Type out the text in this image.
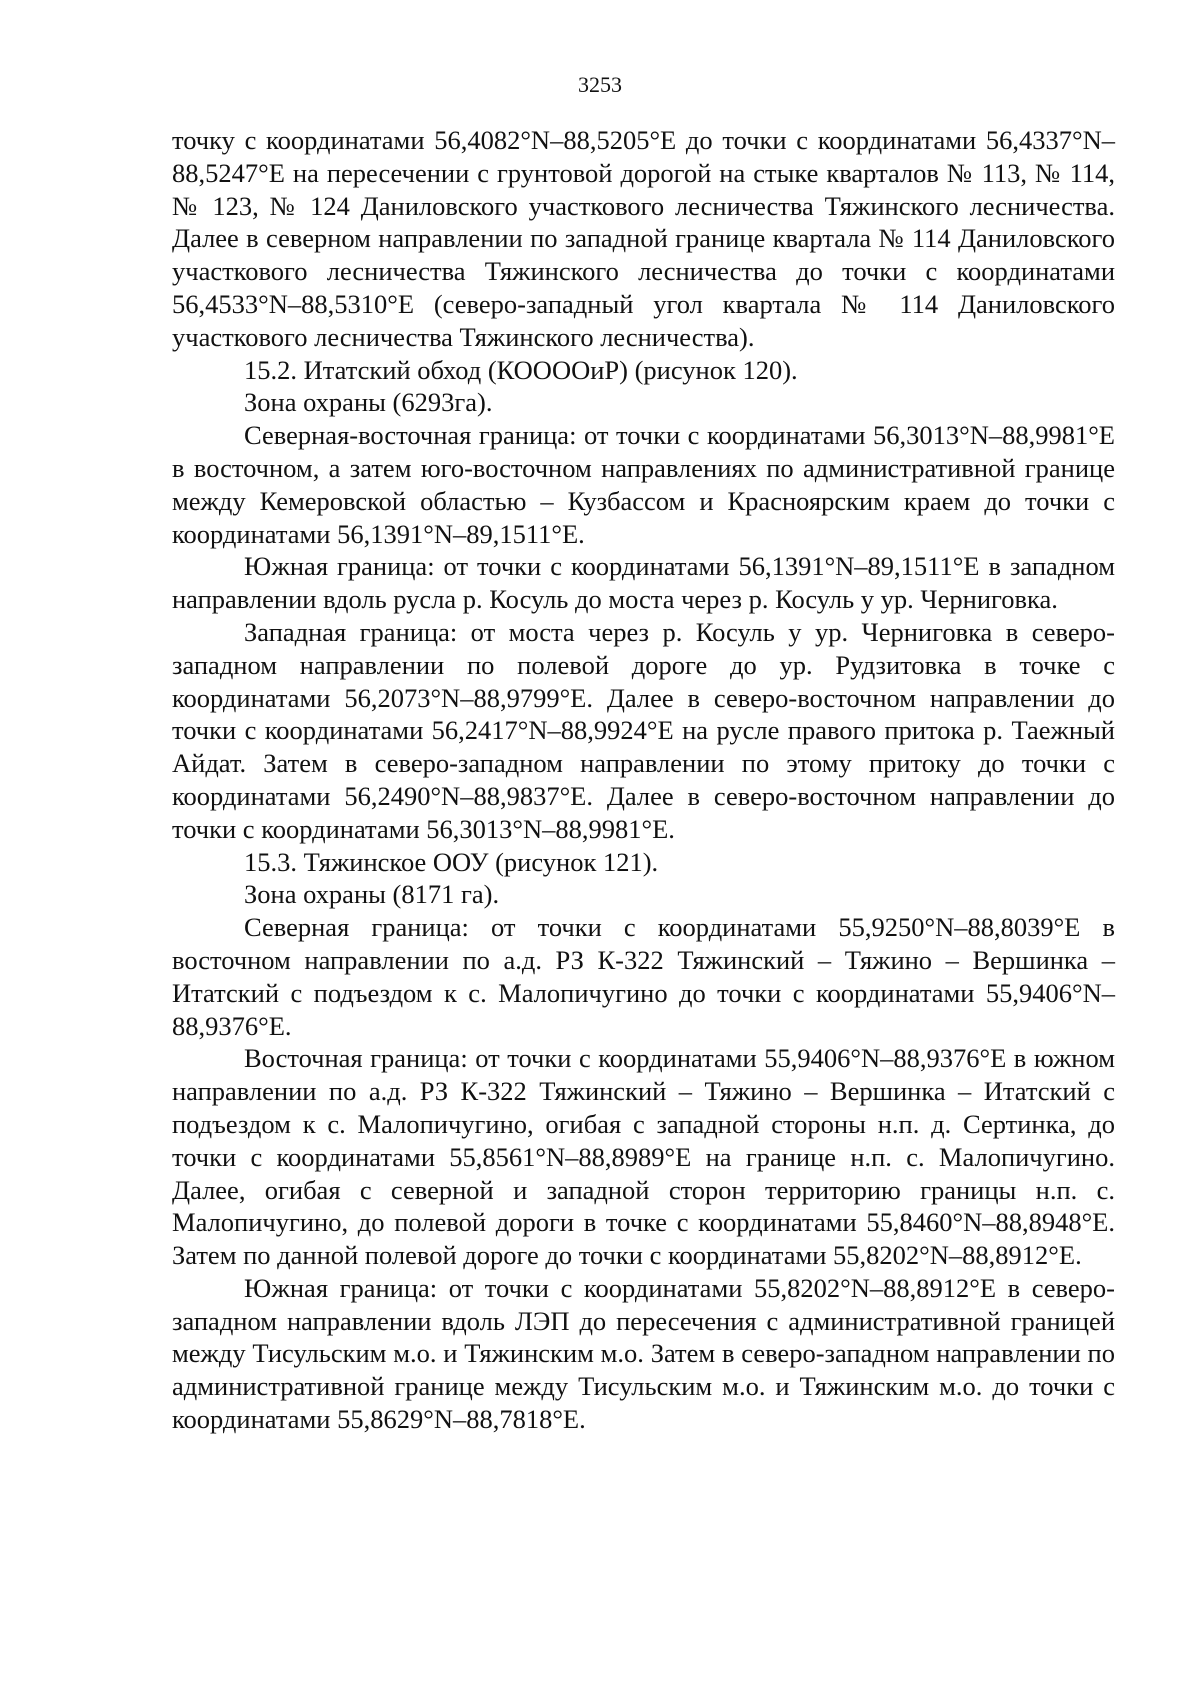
3253

точку с координатами 56,4082°N–88,5205°E до точки с координатами 56,4337°N–88,5247°E на пересечении с грунтовой дорогой на стыке кварталов № 113, № 114, № 123, № 124 Даниловского участкового лесничества Тяжинского лесничества. Далее в северном направлении по западной границе квартала № 114 Даниловского участкового лесничества Тяжинского лесничества до точки с координатами 56,4533°N–88,5310°E (северо-западный угол квартала № 114 Даниловского участкового лесничества Тяжинского лесничества).

15.2. Итатский обход (КООООиР) (рисунок 120).

Зона охраны (6293га).

Северная-восточная граница: от точки с координатами 56,3013°N–88,9981°E в восточном, а затем юго-восточном направлениях по административной границе между Кемеровской областью – Кузбассом и Красноярским краем до точки с координатами 56,1391°N–89,1511°E.

Южная граница: от точки с координатами 56,1391°N–89,1511°E в западном направлении вдоль русла р. Косуль до моста через р. Косуль у ур. Черниговка.

Западная граница: от моста через р. Косуль у ур. Черниговка в северо-западном направлении по полевой дороге до ур. Рудзитовка в точке с координатами 56,2073°N–88,9799°E. Далее в северо-восточном направлении до точки с координатами 56,2417°N–88,9924°E на русле правого притока р. Таежный Айдат. Затем в северо-западном направлении по этому притоку до точки с координатами 56,2490°N–88,9837°E. Далее в северо-восточном направлении до точки с координатами 56,3013°N–88,9981°E.

15.3. Тяжинское ООУ (рисунок 121).

Зона охраны (8171 га).

Северная граница: от точки с координатами 55,9250°N–88,8039°E в восточном направлении по а.д. РЗ К-322 Тяжинский – Тяжино – Вершинка – Итатский с подъездом к с. Малопичугино до точки с координатами 55,9406°N–88,9376°E.

Восточная граница: от точки с координатами 55,9406°N–88,9376°E в южном направлении по а.д. РЗ К-322 Тяжинский – Тяжино – Вершинка – Итатский с подъездом к с. Малопичугино, огибая с западной стороны н.п. д. Сертинка, до точки с координатами 55,8561°N–88,8989°E на границе н.п. с. Малопичугино. Далее, огибая с северной и западной сторон территорию границы н.п. с. Малопичугино, до полевой дороги в точке с координатами 55,8460°N–88,8948°E. Затем по данной полевой дороге до точки с координатами 55,8202°N–88,8912°E.

Южная граница: от точки с координатами 55,8202°N–88,8912°E в северо-западном направлении вдоль ЛЭП до пересечения с административной границей между Тисульским м.о. и Тяжинским м.о. Затем в северо-западном направлении по административной границе между Тисульским м.о. и Тяжинским м.о. до точки с координатами 55,8629°N–88,7818°E.
